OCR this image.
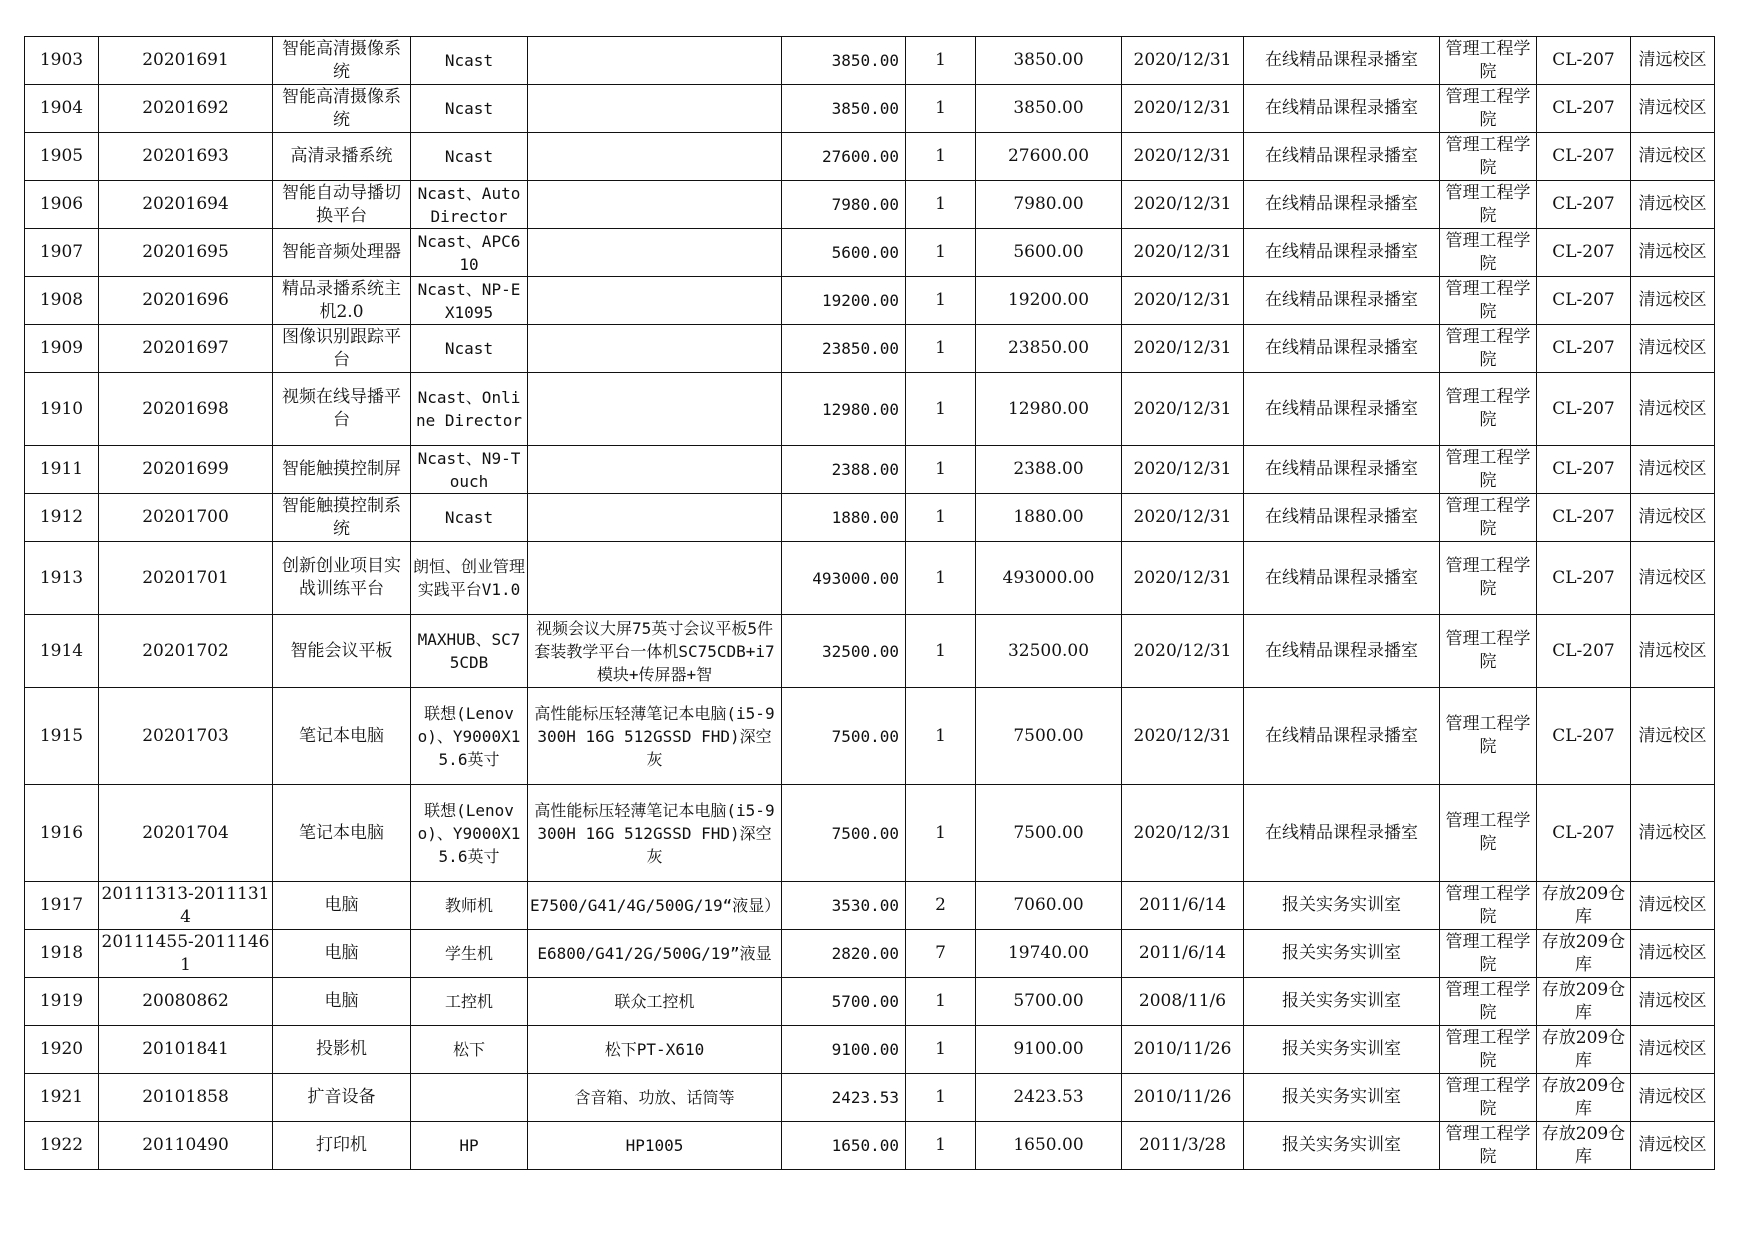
1903	20201691	智能高清摄像系统	Ncast		3850.00	1	3850.00	2020/12/31	在线精品课程录播室	管理工程学院	CL-207	清远校区
1904	20201692	智能高清摄像系统	Ncast		3850.00	1	3850.00	2020/12/31	在线精品课程录播室	管理工程学院	CL-207	清远校区
1905	20201693	高清录播系统	Ncast		27600.00	1	27600.00	2020/12/31	在线精品课程录播室	管理工程学院	CL-207	清远校区
1906	20201694	智能自动导播切换平台	Ncast、Auto Director		7980.00	1	7980.00	2020/12/31	在线精品课程录播室	管理工程学院	CL-207	清远校区
1907	20201695	智能音频处理器	Ncast、APC610		5600.00	1	5600.00	2020/12/31	在线精品课程录播室	管理工程学院	CL-207	清远校区
1908	20201696	精品录播系统主机2.0	Ncast、NP-EX1095		19200.00	1	19200.00	2020/12/31	在线精品课程录播室	管理工程学院	CL-207	清远校区
1909	20201697	图像识别跟踪平台	Ncast		23850.00	1	23850.00	2020/12/31	在线精品课程录播室	管理工程学院	CL-207	清远校区
1910	20201698	视频在线导播平台	Ncast、Online Director		12980.00	1	12980.00	2020/12/31	在线精品课程录播室	管理工程学院	CL-207	清远校区
1911	20201699	智能触摸控制屏	Ncast、N9-Touch		2388.00	1	2388.00	2020/12/31	在线精品课程录播室	管理工程学院	CL-207	清远校区
1912	20201700	智能触摸控制系统	Ncast		1880.00	1	1880.00	2020/12/31	在线精品课程录播室	管理工程学院	CL-207	清远校区
1913	20201701	创新创业项目实战训练平台	朗恒、创业管理实践平台V1.0		493000.00	1	493000.00	2020/12/31	在线精品课程录播室	管理工程学院	CL-207	清远校区
1914	20201702	智能会议平板	MAXHUB、SC75CDB	视频会议大屏75英寸会议平板5件套装教学平台一体机SC75CDB+i7模块+传屏器+智	32500.00	1	32500.00	2020/12/31	在线精品课程录播室	管理工程学院	CL-207	清远校区
1915	20201703	笔记本电脑	联想(Lenovo)、Y9000X15.6英寸	高性能标压轻薄笔记本电脑(i5-9300H 16G 512GSSD FHD)深空灰	7500.00	1	7500.00	2020/12/31	在线精品课程录播室	管理工程学院	CL-207	清远校区
1916	20201704	笔记本电脑	联想(Lenovo)、Y9000X15.6英寸	高性能标压轻薄笔记本电脑(i5-9300H 16G 512GSSD FHD)深空灰	7500.00	1	7500.00	2020/12/31	在线精品课程录播室	管理工程学院	CL-207	清远校区
1917	20111313-20111314	电脑	教师机	E7500/G41/4G/500G/19“液显）	3530.00	2	7060.00	2011/6/14	报关实务实训室	管理工程学院	存放209仓库	清远校区
1918	20111455-20111461	电脑	学生机	E6800/G41/2G/500G/19”液显	2820.00	7	19740.00	2011/6/14	报关实务实训室	管理工程学院	存放209仓库	清远校区
1919	20080862	电脑	工控机	联众工控机	5700.00	1	5700.00	2008/11/6	报关实务实训室	管理工程学院	存放209仓库	清远校区
1920	20101841	投影机	松下	松下PT-X610	9100.00	1	9100.00	2010/11/26	报关实务实训室	管理工程学院	存放209仓库	清远校区
1921	20101858	扩音设备		含音箱、功放、话筒等	2423.53	1	2423.53	2010/11/26	报关实务实训室	管理工程学院	存放209仓库	清远校区
1922	20110490	打印机	HP	HP1005	1650.00	1	1650.00	2011/3/28	报关实务实训室	管理工程学院	存放209仓库	清远校区
